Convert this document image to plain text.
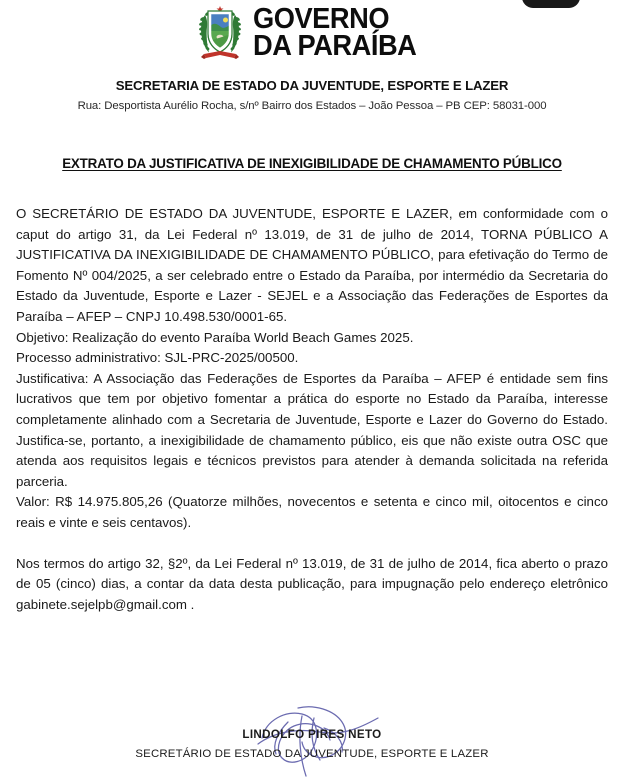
GOVERNO
DA PARAÍBA
SECRETARIA DE ESTADO DA JUVENTUDE, ESPORTE E LAZER
Rua: Desportista Aurélio Rocha, s/nº Bairro dos Estados – João Pessoa – PB CEP: 58031-000
EXTRATO DA JUSTIFICATIVA DE INEXIGIBILIDADE DE CHAMAMENTO PÚBLICO

O SECRETÁRIO DE ESTADO DA JUVENTUDE, ESPORTE E LAZER, em conformidade com o caput do artigo 31, da Lei Federal nº 13.019, de 31 de julho de 2014, TORNA PÚBLICO A JUSTIFICATIVA DA INEXIGIBILIDADE DE CHAMAMENTO PÚBLICO, para efetivação do Termo de Fomento Nº 004/2025, a ser celebrado entre o Estado da Paraíba, por intermédio da Secretaria do Estado da Juventude, Esporte e Lazer - SEJEL e a Associação das Federações de Esportes da Paraíba – AFEP – CNPJ 10.498.530/0001-65.

Objetivo: Realização do evento Paraíba World Beach Games 2025.

Processo administrativo: SJL-PRC-2025/00500.

Justificativa: A Associação das Federações de Esportes da Paraíba – AFEP é entidade sem fins lucrativos que tem por objetivo fomentar a prática do esporte no Estado da Paraíba, interesse completamente alinhado com a Secretaria de Juventude, Esporte e Lazer do Governo do Estado. Justifica-se, portanto, a inexigibilidade de chamamento público, eis que não existe outra OSC que atenda aos requisitos legais e técnicos previstos para atender à demanda solicitada na referida parceria.

Valor: R$ 14.975.805,26 (Quatorze milhões, novecentos e setenta e cinco mil, oitocentos e cinco reais e vinte e seis centavos).

Nos termos do artigo 32, §2º, da Lei Federal nº 13.019, de 31 de julho de 2014, fica aberto o prazo de 05 (cinco) dias, a contar da data desta publicação, para impugnação pelo endereço eletrônico gabinete.sejelpb@gmail.com .

LINDOLFO PIRES NETO
SECRETÁRIO DE ESTADO DA JUVENTUDE, ESPORTE E LAZER
